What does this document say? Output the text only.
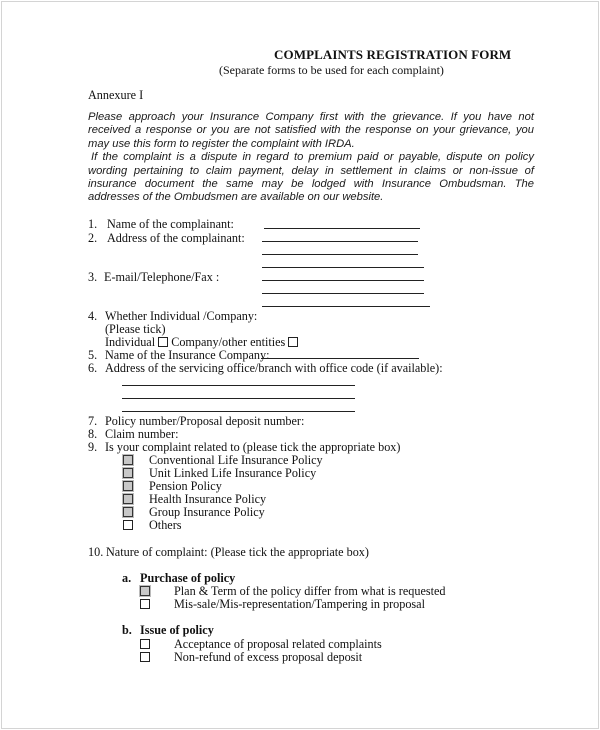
COMPLAINTS REGISTRATION FORM
(Separate forms to be used for each complaint)
Annexure I

Please approach your Insurance Company first with the grievance. If you have not received a response or you are not satisfied with the response on your grievance, you may use this form to register the complaint with IRDA.

If the complaint is a dispute in regard to premium paid or payable, dispute on policy wording pertaining to claim payment, delay in settlement in claims or non-issue of insurance document the same may be lodged with Insurance Ombudsman. The addresses of the Ombudsmen are available on our website.

1. Name of the complainant:
2. Address of the complainant:
3. E-mail/Telephone/Fax :
4. Whether Individual /Company:
(Please tick)
Individual Company/other entities
5. Name of the Insurance Company:
6. Address of the servicing office/branch with office code (if available):
7. Policy number/Proposal deposit number:
8. Claim number:
9. Is your complaint related to (please tick the appropriate box)
Conventional Life Insurance Policy
Unit Linked Life Insurance Policy
Pension Policy
Health Insurance Policy
Group Insurance Policy
Others
10. Nature of complaint: (Please tick the appropriate box)
a. Purchase of policy
Plan & Term of the policy differ from what is requested
Mis-sale/Mis-representation/Tampering in proposal
b. Issue of policy
Acceptance of proposal related complaints
Non-refund of excess proposal deposit
